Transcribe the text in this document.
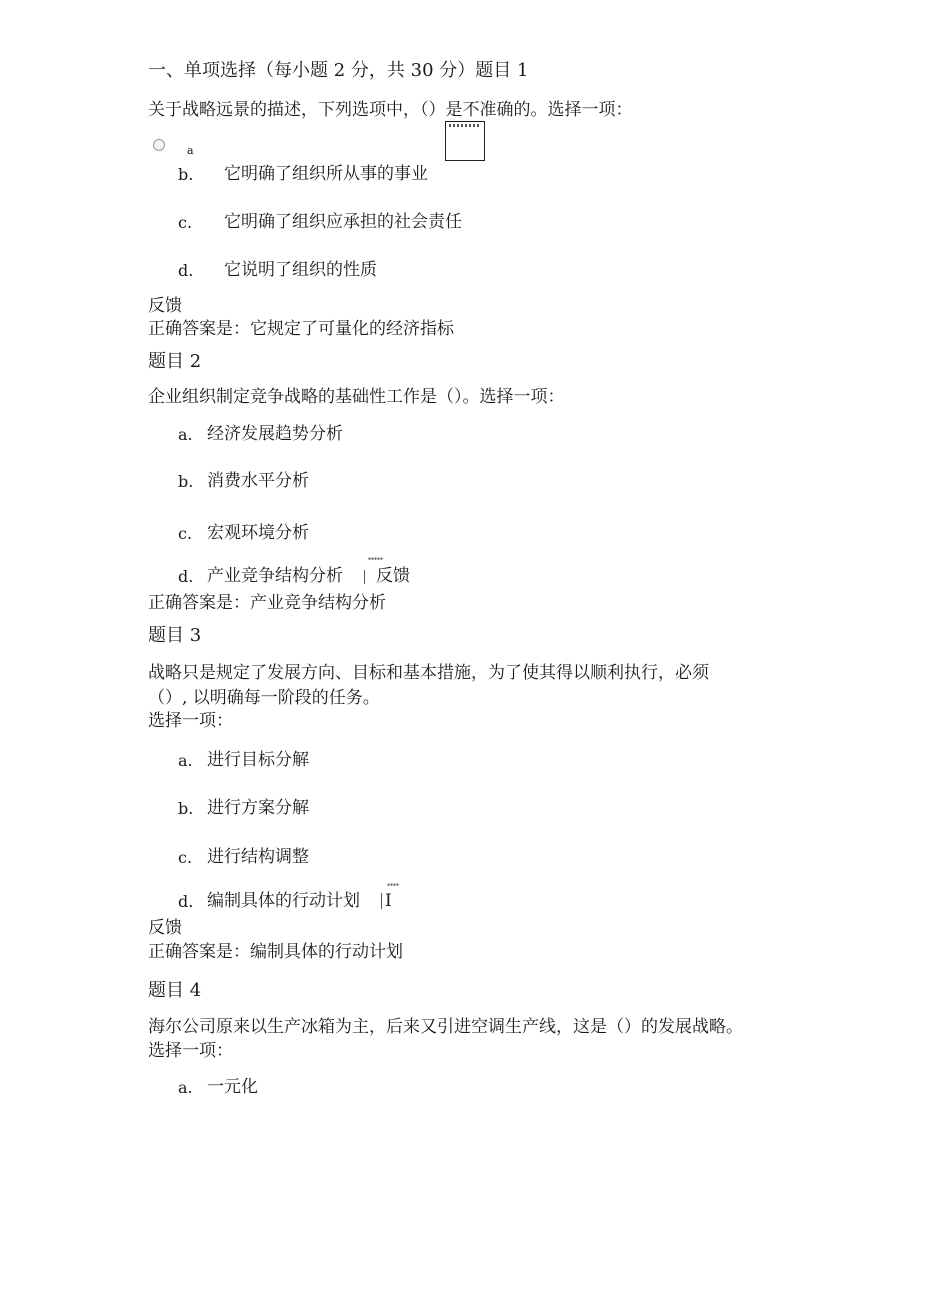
一、单项选择（每小题 2 分，共 30 分）题目 1
关于战略远景的描述，下列选项中，（）是不准确的。选择一项：
a
b. 它明确了组织所从事的事业
c. 它明确了组织应承担的社会责任
d. 它说明了组织的性质
反馈
正确答案是：它规定了可量化的经济指标
题目 2
企业组织制定竞争战略的基础性工作是（）。选择一项：
a. 经济发展趋势分析
b. 消费水平分析
c. 宏观环境分析
▪▪▪▪▪
d. 产业竞争结构分析 反馈
正确答案是：产业竞争结构分析
题目 3
战略只是规定了发展方向、目标和基本措施，为了使其得以顺利执行，必须
（）, 以明确每一阶段的任务。
选择一项：
a. 进行目标分解
b. 进行方案分解
c. 进行结构调整
▪▪▪▪
d. 编制具体的行动计划 I
反馈
正确答案是：编制具体的行动计划
题目 4
海尔公司原来以生产冰箱为主，后来又引进空调生产线，这是（）的发展战略。
选择一项：
a. 一元化
